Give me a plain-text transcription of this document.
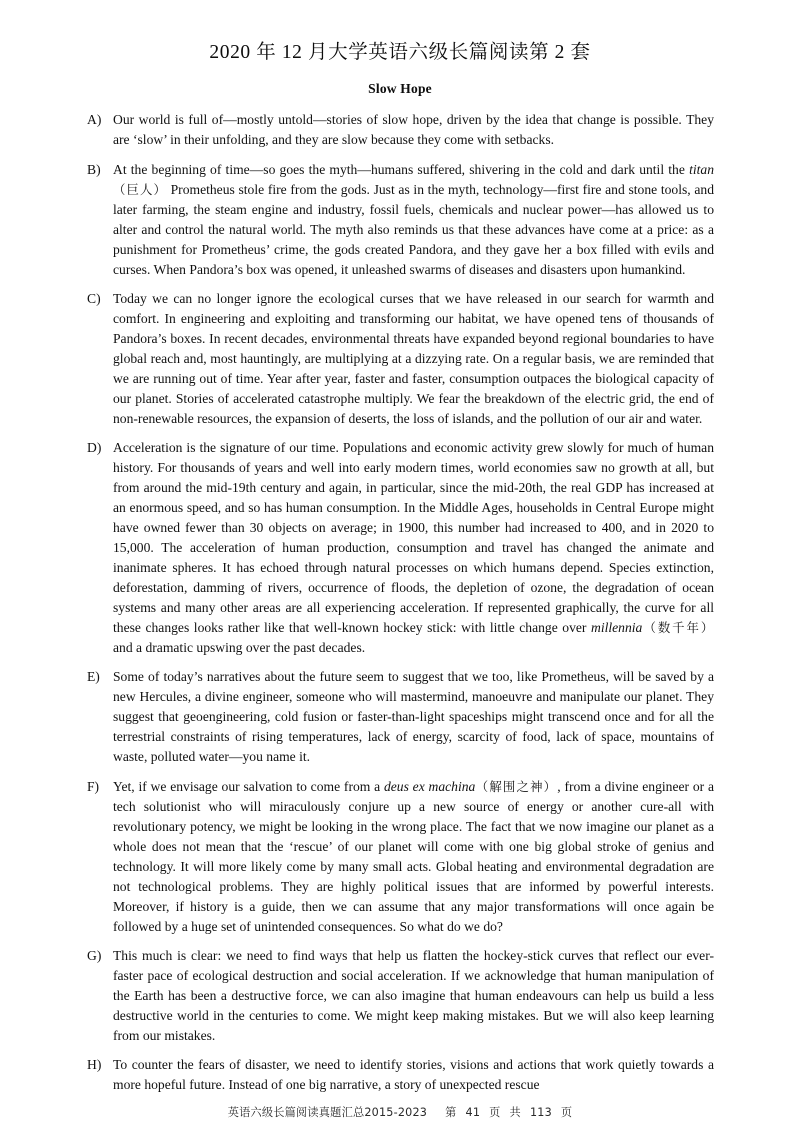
2020 年 12 月大学英语六级长篇阅读第 2 套
Slow Hope
A) Our world is full of—mostly untold—stories of slow hope, driven by the idea that change is possible. They are ‘slow’ in their unfolding, and they are slow because they come with setbacks.
B) At the beginning of time—so goes the myth—humans suffered, shivering in the cold and dark until the titan（巨人） Prometheus stole fire from the gods. Just as in the myth, technology—first fire and stone tools, and later farming, the steam engine and industry, fossil fuels, chemicals and nuclear power—has allowed us to alter and control the natural world. The myth also reminds us that these advances have come at a price: as a punishment for Prometheus’ crime, the gods created Pandora, and they gave her a box filled with evils and curses. When Pandora’s box was opened, it unleashed swarms of diseases and disasters upon humankind.
C) Today we can no longer ignore the ecological curses that we have released in our search for warmth and comfort. In engineering and exploiting and transforming our habitat, we have opened tens of thousands of Pandora’s boxes. In recent decades, environmental threats have expanded beyond regional boundaries to have global reach and, most hauntingly, are multiplying at a dizzying rate. On a regular basis, we are reminded that we are running out of time. Year after year, faster and faster, consumption outpaces the biological capacity of our planet. Stories of accelerated catastrophe multiply. We fear the breakdown of the electric grid, the end of non-renewable resources, the expansion of deserts, the loss of islands, and the pollution of our air and water.
D) Acceleration is the signature of our time. Populations and economic activity grew slowly for much of human history. For thousands of years and well into early modern times, world economies saw no growth at all, but from around the mid-19th century and again, in particular, since the mid-20th, the real GDP has increased at an enormous speed, and so has human consumption. In the Middle Ages, households in Central Europe might have owned fewer than 30 objects on average; in 1900, this number had increased to 400, and in 2020 to 15,000. The acceleration of human production, consumption and travel has changed the animate and inanimate spheres. It has echoed through natural processes on which humans depend. Species extinction, deforestation, damming of rivers, occurrence of floods, the depletion of ozone, the degradation of ocean systems and many other areas are all experiencing acceleration. If represented graphically, the curve for all these changes looks rather like that well-known hockey stick: with little change over millennia（数千年） and a dramatic upswing over the past decades.
E) Some of today’s narratives about the future seem to suggest that we too, like Prometheus, will be saved by a new Hercules, a divine engineer, someone who will mastermind, manoeuvre and manipulate our planet. They suggest that geoengineering, cold fusion or faster-than-light spaceships might transcend once and for all the terrestrial constraints of rising temperatures, lack of energy, scarcity of food, lack of space, mountains of waste, polluted water—you name it.
F)	Yet, if we envisage our salvation to come from a deus ex machina（解围之神）, from a divine engineer or a tech solutionist who will miraculously conjure up a new source of energy or another cure-all with revolutionary potency, we might be looking in the wrong place. The fact that we now imagine our planet as a whole does not mean that the ‘rescue’ of our planet will come with one big global stroke of genius and technology. It will more likely come by many small acts. Global heating and environmental degradation are not technological problems. They are highly political issues that are informed by powerful interests. Moreover, if history is a guide, then we can assume that any major transformations will once again be followed by a huge set of unintended consequences. So what do we do?
G) This much is clear: we need to find ways that help us flatten the hockey-stick curves that reflect our ever-faster pace of ecological destruction and social acceleration. If we acknowledge that human manipulation of the Earth has been a destructive force, we can also imagine that human endeavours can help us build a less destructive world in the centuries to come. We might keep making mistakes. But we will also keep learning from our mistakes.
H) To counter the fears of disaster, we need to identify stories, visions and actions that work quietly towards a more hopeful future. Instead of one big narrative, a story of unexpected rescue
英语六级长篇阅读真题汇总2015-2023 第 41 页 共 113 页
